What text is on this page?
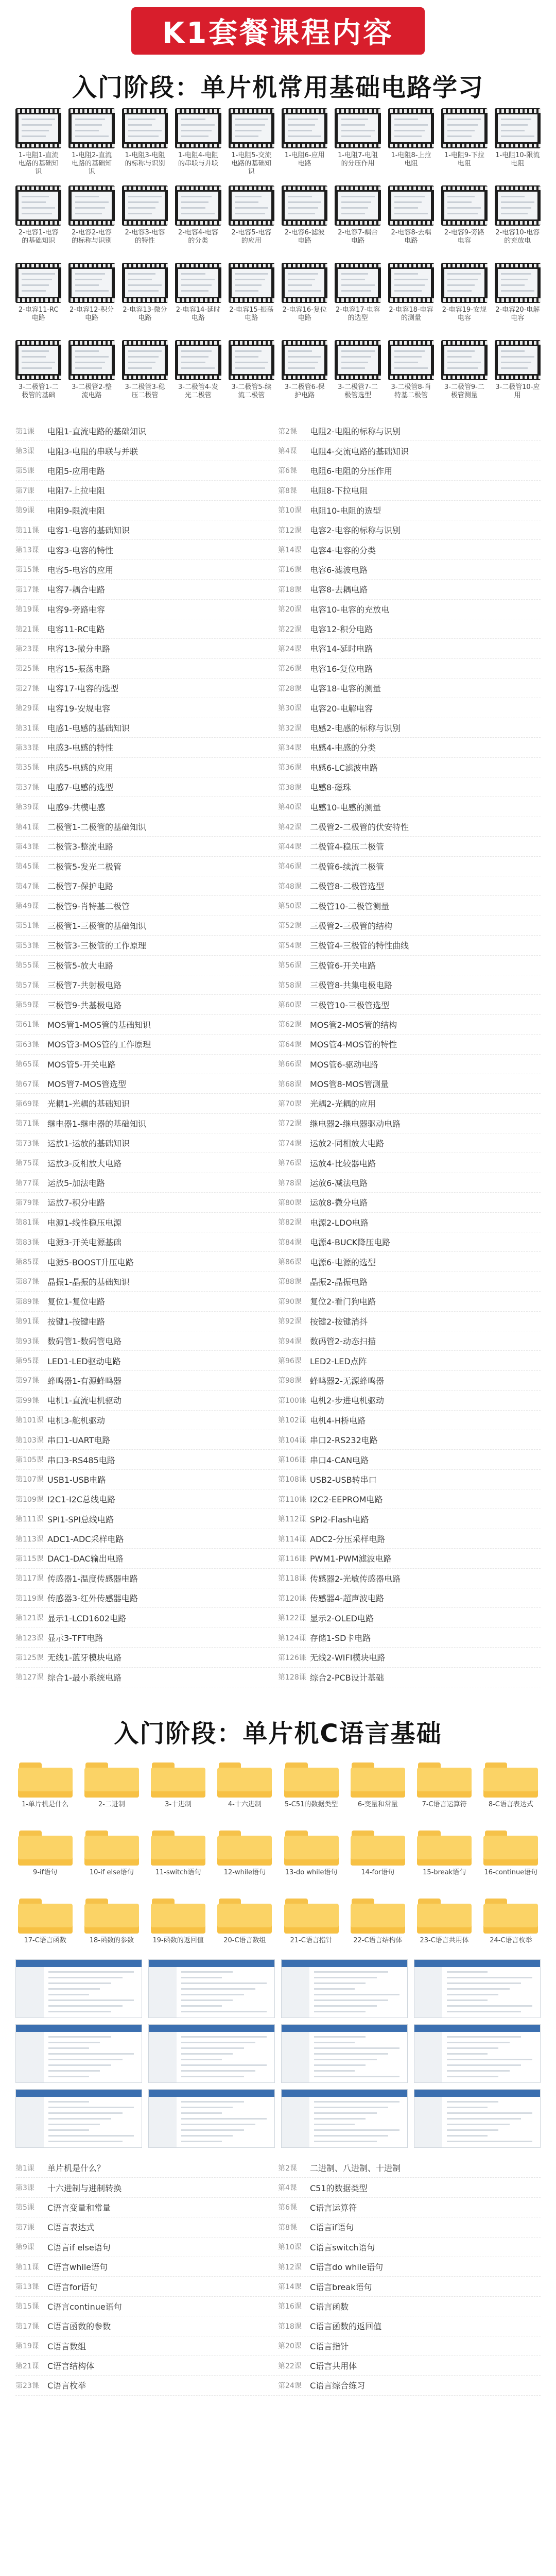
K1套餐课程内容
入门阶段：单片机常用基础电路学习
1-电阻1-直流电路的基础知识
1-电阻2-直流电路的基础知识
1-电阻3-电阻的标称与识别
1-电阻4-电阻的串联与并联
1-电阻5-交流电路的基础知识
1-电阻6-应用电路
1-电阻7-电阻的分压作用
1-电阻8-上拉电阻
1-电阻9-下拉电阻
1-电阻10-限流电阻
2-电容1-电容的基础知识
2-电容2-电容的标称与识别
2-电容3-电容的特性
2-电容4-电容的分类
2-电容5-电容的应用
2-电容6-滤波电路
2-电容7-耦合电路
2-电容8-去耦电路
2-电容9-旁路电容
2-电容10-电容的充放电
2-电容11-RC电路
2-电容12-积分电路
2-电容13-微分电路
2-电容14-延时电路
2-电容15-振荡电路
2-电容16-复位电路
2-电容17-电容的选型
2-电容18-电容的测量
2-电容19-安规电容
2-电容20-电解电容
3-二极管1-二极管的基础
3-二极管2-整流电路
3-二极管3-稳压二极管
3-二极管4-发光二极管
3-二极管5-续流二极管
3-二极管6-保护电路
3-二极管7-二极管选型
3-二极管8-肖特基二极管
3-二极管9-二极管测量
3-二极管10-应用
第1课	电阻1-直流电路的基础知识	第2课	电阻2-电阻的标称与识别
第3课	电阻3-电阻的串联与并联	第4课	电阻4-交流电路的基础知识
第5课	电阻5-应用电路	第6课	电阻6-电阻的分压作用
第7课	电阻7-上拉电阻	第8课	电阻8-下拉电阻
第9课	电阻9-限流电阻	第10课	电阻10-电阻的选型
第11课	电容1-电容的基础知识	第12课	电容2-电容的标称与识别
第13课	电容3-电容的特性	第14课	电容4-电容的分类
第15课	电容5-电容的应用	第16课	电容6-滤波电路
第17课	电容7-耦合电路	第18课	电容8-去耦电路
第19课	电容9-旁路电容	第20课	电容10-电容的充放电
第21课	电容11-RC电路	第22课	电容12-积分电路
第23课	电容13-微分电路	第24课	电容14-延时电路
第25课	电容15-振荡电路	第26课	电容16-复位电路
第27课	电容17-电容的选型	第28课	电容18-电容的测量
第29课	电容19-安规电容	第30课	电容20-电解电容
第31课	电感1-电感的基础知识	第32课	电感2-电感的标称与识别
第33课	电感3-电感的特性	第34课	电感4-电感的分类
第35课	电感5-电感的应用	第36课	电感6-LC滤波电路
第37课	电感7-电感的选型	第38课	电感8-磁珠
第39课	电感9-共模电感	第40课	电感10-电感的测量
第41课	二极管1-二极管的基础知识	第42课	二极管2-二极管的伏安特性
第43课	二极管3-整流电路	第44课	二极管4-稳压二极管
第45课	二极管5-发光二极管	第46课	二极管6-续流二极管
第47课	二极管7-保护电路	第48课	二极管8-二极管选型
第49课	二极管9-肖特基二极管	第50课	二极管10-二极管测量
第51课	三极管1-三极管的基础知识	第52课	三极管2-三极管的结构
第53课	三极管3-三极管的工作原理	第54课	三极管4-三极管的特性曲线
第55课	三极管5-放大电路	第56课	三极管6-开关电路
第57课	三极管7-共射极电路	第58课	三极管8-共集电极电路
第59课	三极管9-共基极电路	第60课	三极管10-三极管选型
第61课	MOS管1-MOS管的基础知识	第62课	MOS管2-MOS管的结构
第63课	MOS管3-MOS管的工作原理	第64课	MOS管4-MOS管的特性
第65课	MOS管5-开关电路	第66课	MOS管6-驱动电路
第67课	MOS管7-MOS管选型	第68课	MOS管8-MOS管测量
第69课	光耦1-光耦的基础知识	第70课	光耦2-光耦的应用
第71课	继电器1-继电器的基础知识	第72课	继电器2-继电器驱动电路
第73课	运放1-运放的基础知识	第74课	运放2-同相放大电路
第75课	运放3-反相放大电路	第76课	运放4-比较器电路
第77课	运放5-加法电路	第78课	运放6-减法电路
第79课	运放7-积分电路	第80课	运放8-微分电路
第81课	电源1-线性稳压电源	第82课	电源2-LDO电路
第83课	电源3-开关电源基础	第84课	电源4-BUCK降压电路
第85课	电源5-BOOST升压电路	第86课	电源6-电源的选型
第87课	晶振1-晶振的基础知识	第88课	晶振2-晶振电路
第89课	复位1-复位电路	第90课	复位2-看门狗电路
第91课	按键1-按键电路	第92课	按键2-按键消抖
第93课	数码管1-数码管电路	第94课	数码管2-动态扫描
第95课	LED1-LED驱动电路	第96课	LED2-LED点阵
第97课	蜂鸣器1-有源蜂鸣器	第98课	蜂鸣器2-无源蜂鸣器
第99课	电机1-直流电机驱动	第100课 电机2-步进电机驱动
第101课 电机3-舵机驱动	第102课 电机4-H桥电路
第103课 串口1-UART电路	第104课 串口2-RS232电路
第105课 串口3-RS485电路	第106课 串口4-CAN电路
第107课 USB1-USB电路	第108课 USB2-USB转串口
第109课 I2C1-I2C总线电路	第110课 I2C2-EEPROM电路
第111课 SPI1-SPI总线电路	第112课 SPI2-Flash电路
第113课 ADC1-ADC采样电路	第114课 ADC2-分压采样电路
第115课 DAC1-DAC输出电路	第116课 PWM1-PWM滤波电路
第117课 传感器1-温度传感器电路	第118课 传感器2-光敏传感器电路
第119课 传感器3-红外传感器电路	第120课 传感器4-超声波电路
第121课 显示1-LCD1602电路	第122课 显示2-OLED电路
第123课 显示3-TFT电路	第124课 存储1-SD卡电路
第125课 无线1-蓝牙模块电路	第126课 无线2-WIFI模块电路
第127课 综合1-最小系统电路	第128课 综合2-PCB设计基础
入门阶段：单片机C语言基础
1-单片机是什么	2-二进制	3-十进制	4-十六进制	5-C51的数据类型	6-变量和常量	7-C语言运算符	8-C语言表达式
9-if语句	10-if else语句	11-switch语句	12-while语句	13-do while语句	14-for语句	15-break语句	16-continue语句
17-C语言函数	18-函数的参数	19-函数的返回值	20-C语言数组	21-C语言指针	22-C语言结构体	23-C语言共用体	24-C语言枚举
第1课	单片机是什么？	第2课	二进制、八进制、十进制
第3课	十六进制与进制转换	第4课	C51的数据类型
第5课	C语言变量和常量	第6课	C语言运算符
第7课	C语言表达式	第8课	C语言if语句
第9课	C语言if else语句	第10课	C语言switch语句
第11课	C语言while语句	第12课	C语言do while语句
第13课	C语言for语句	第14课	C语言break语句
第15课	C语言continue语句	第16课	C语言函数
第17课	C语言函数的参数	第18课	C语言函数的返回值
第19课	C语言数组	第20课	C语言指针
第21课	C语言结构体	第22课	C语言共用体
第23课	C语言枚举	第24课	C语言综合练习
